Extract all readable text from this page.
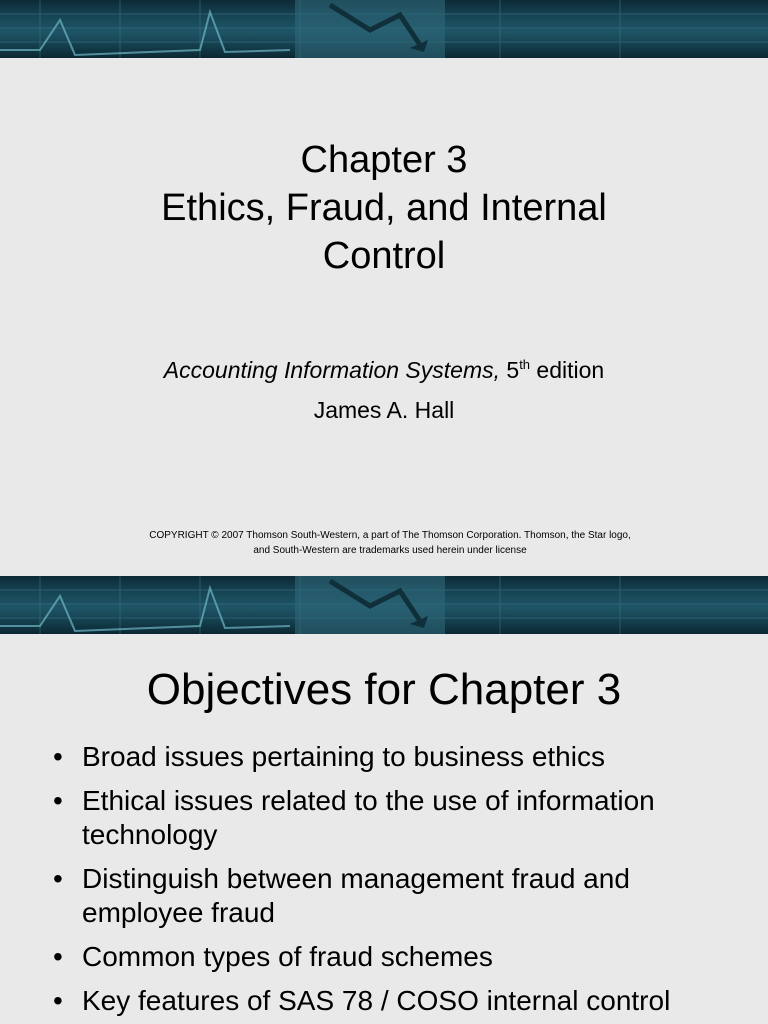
Chapter 3
Ethics, Fraud, and Internal
Control
Accounting Information Systems, 5th edition
James A. Hall
COPYRIGHT © 2007 Thomson South-Western, a part of The Thomson Corporation. Thomson, the Star logo,
and South-Western are trademarks used herein under license
Objectives for Chapter 3
• Broad issues pertaining to business ethics
• Ethical issues related to the use of information technology
• Distinguish between management fraud and employee fraud
• Common types of fraud schemes
• Key features of SAS 78 / COSO internal control
